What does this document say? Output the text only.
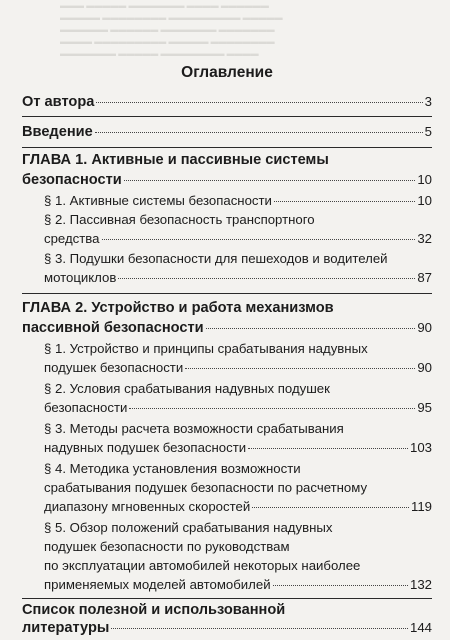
▬▬▬ ▬▬▬▬▬ ▬▬▬▬▬▬▬ ▬▬▬▬ ▬▬▬▬▬▬
▬▬▬▬▬ ▬▬▬▬▬▬▬▬ ▬▬▬▬▬▬▬▬▬ ▬▬▬▬▬
▬▬▬▬▬▬ ▬▬▬▬▬▬ ▬▬▬▬▬▬▬ ▬▬▬▬▬▬▬
▬▬▬▬ ▬▬▬▬▬▬▬▬▬ ▬▬▬▬▬ ▬▬▬▬▬▬▬▬
▬▬▬▬▬▬▬ ▬▬▬▬▬ ▬▬▬▬▬▬▬▬ ▬▬▬▬

Оглавление
От автора	3
Введение	5
ГЛАВА 1. Активные и пассивные системы
безопасности	10
§ 1. Активные системы безопасности	10
§ 2. Пассивная безопасность транспортного
средства	32
§ 3. Подушки безопасности для пешеходов и водителей
мотоциклов	87
ГЛАВА 2. Устройство и работа механизмов
пассивной безопасности	90
§ 1. Устройство и принципы срабатывания надувных
подушек безопасности	90
§ 2. Условия срабатывания надувных подушек
безопасности	95
§ 3. Методы расчета возможности срабатывания
надувных подушек безопасности	103
§ 4. Методика установления возможности
срабатывания подушек безопасности по расчетному
диапазону мгновенных скоростей	119
§ 5. Обзор положений срабатывания надувных
подушек безопасности по руководствам
по эксплуатации автомобилей некоторых наиболее
применяемых моделей автомобилей	132
Список полезной и использованной
литературы	144
